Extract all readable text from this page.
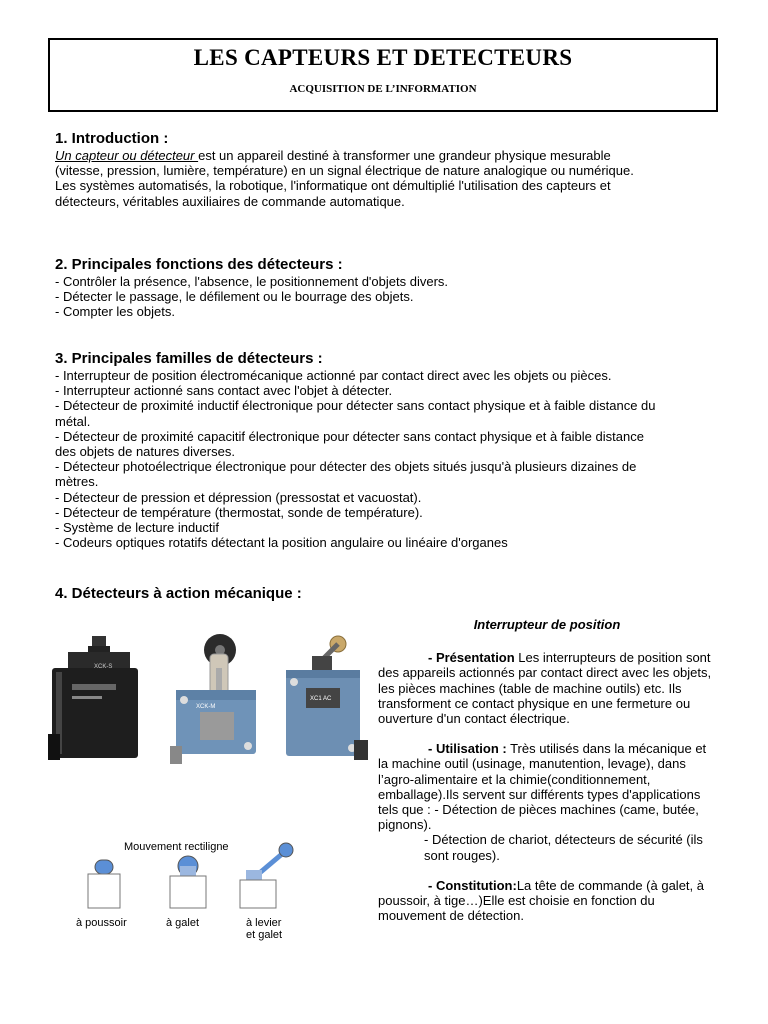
LES CAPTEURS ET DETECTEURS
ACQUISITION DE L’INFORMATION
1. Introduction :

Un capteur ou détecteur est un appareil destiné à transformer une grandeur physique mesurable

(vitesse, pression, lumière, température) en un signal électrique de nature analogique ou numérique.

Les systèmes automatisés, la robotique, l'informatique ont démultiplié l'utilisation des capteurs et

détecteurs, véritables auxiliaires de commande automatique.

2. Principales fonctions des détecteurs :
- Contrôler la présence, l'absence, le positionnement d'objets divers.
- Détecter le passage, le défilement ou le bourrage des objets.
- Compter les objets.
3. Principales familles de détecteurs :
- Interrupteur de position électromécanique actionné par contact direct avec les objets ou pièces.
- Interrupteur actionné sans contact avec l'objet à détecter.
- Détecteur de proximité inductif électronique pour détecter sans contact physique et à faible distance du
métal.
- Détecteur de proximité capacitif électronique pour détecter sans contact physique et à faible distance
des objets de natures diverses.
- Détecteur photoélectrique électronique pour détecter des objets situés jusqu'à plusieurs dizaines de
mètres.
- Détecteur de pression et dépression (pressostat et vacuostat).
- Détecteur de température (thermostat, sonde de température).
- Système de lecture inductif
- Codeurs optiques rotatifs détectant la position angulaire ou linéaire d'organes
4. Détecteurs à action mécanique :
XCK-S
XCK-M
XC1 AC
Mouvement rectiligne
à poussoir	à galet	à levier
et galet

Interrupteur de position

- Présentation Les interrupteurs de position sont des appareils actionnés par contact direct avec les objets, les pièces machines (table de machine outils) etc. Ils transforment ce contact physique en une fermeture ou ouverture d'un contact électrique.

- Utilisation : Très utilisés dans la mécanique et la machine outil (usinage, manutention, levage), dans l’agro-alimentaire et la chimie(conditionnement, emballage).Ils servent sur différents types d'applications tels que : - Détection de pièces machines (came, butée, pignons).

- Détection de chariot, détecteurs de sécurité (ils sont rouges).

- Constitution:La tête de commande (à galet, à poussoir, à tige…)Elle est choisie en fonction du mouvement de détection.
